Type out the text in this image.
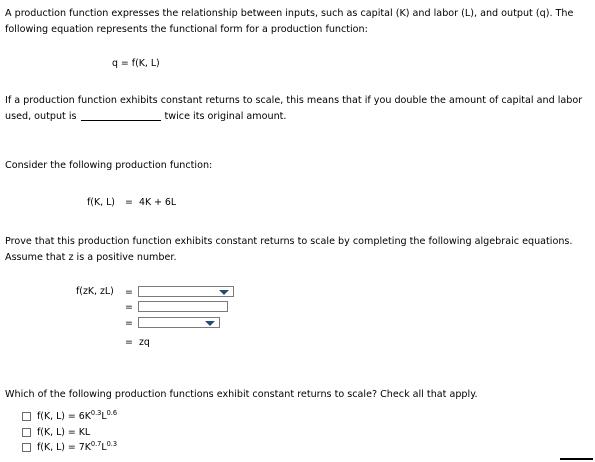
A production function expresses the relationship between inputs, such as capital (K) and labor (L), and output (q). The
following equation represents the functional form for a production function:
q = f(K, L)
If a production function exhibits constant returns to scale, this means that if you double the amount of capital and labor
used, output is	twice its original amount.
Consider the following production function:
f(K, L) = 4K + 6L
Prove that this production function exhibits constant returns to scale by completing the following algebraic equations.
Assume that z is a positive number.
f(zK, zL) =
=
=
= zq
Which of the following production functions exhibit constant returns to scale? Check all that apply.
f(K, $L) = 6K^{0.3}L^{0.6}$
f(K, L) = KL
f(K, $L) = 7K^{0.7}L^{0.3}$
